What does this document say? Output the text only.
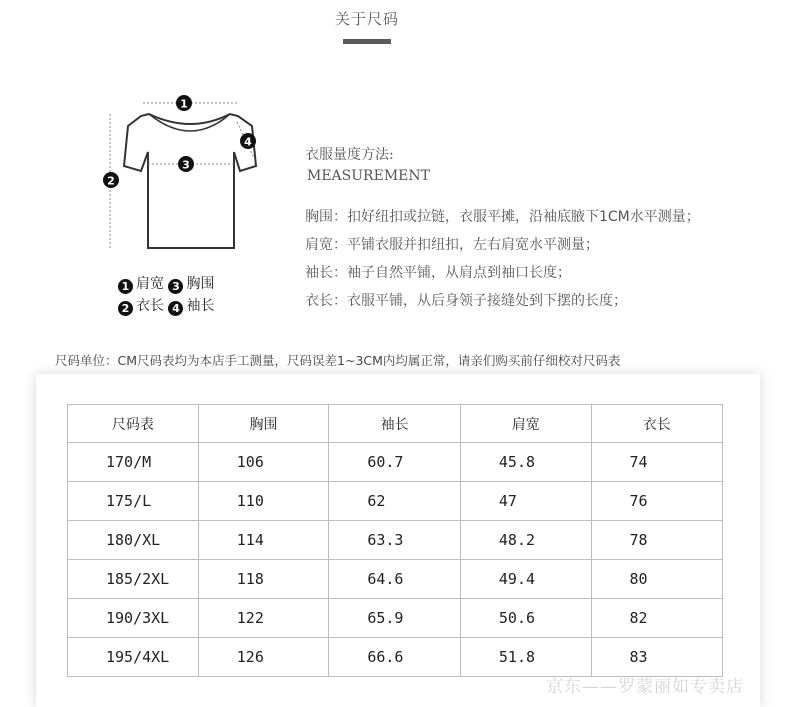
关于尺码
1
2
3
4
1 肩宽 3 胸围
2 衣长 4 袖长
衣服量度方法:
MEASUREMENT
胸围：扣好纽扣或拉链，衣服平摊，沿袖底腋下1CM水平测量；
肩宽：平铺衣服并扣纽扣，左右肩宽水平测量；
袖长：袖子自然平铺，从肩点到袖口长度；
衣长：衣服平铺，从后身领子接缝处到下摆的长度；
尺码单位：CM尺码表均为本店手工测量，尺码误差1~3CM内均属正常，请亲们购买前仔细校对尺码表
尺码表	胸围	袖长	肩宽	衣长
170/M	106	60.7	45.8	74
175/L	110	62	47	76
180/XL	114	63.3	48.2	78
185/2XL	118	64.6	49.4	80
190/3XL	122	65.9	50.6	82
195/4XL	126	66.6	51.8	83
京东——罗蒙丽如专卖店
